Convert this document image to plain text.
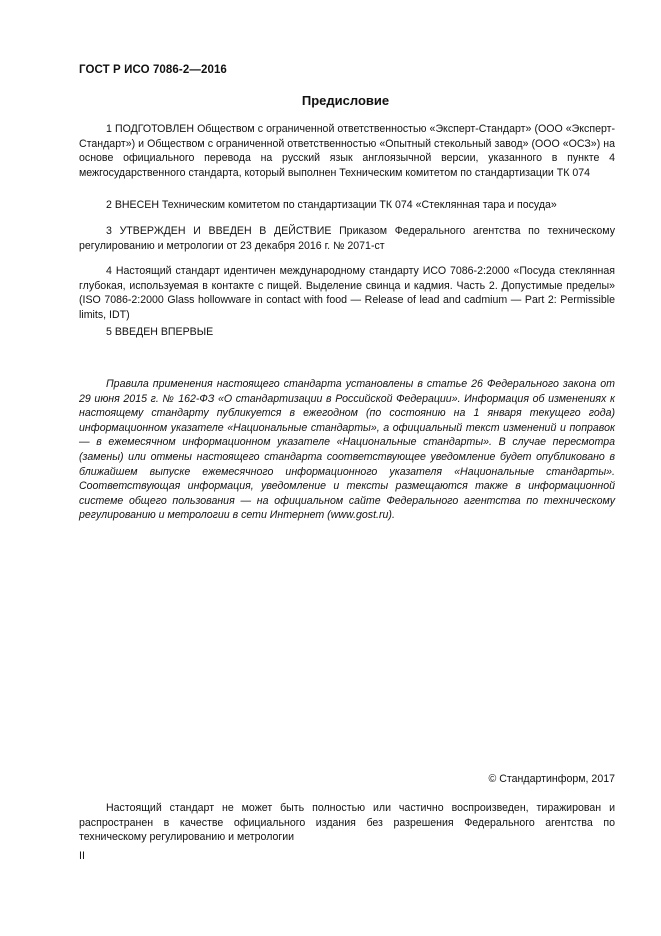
ГОСТ Р ИСО 7086-2—2016
Предисловие

1 ПОДГОТОВЛЕН Обществом с ограниченной ответственностью «Эксперт-Стандарт» (ООО «Эксперт-Стандарт») и Обществом с ограниченной ответственностью «Опытный стекольный завод» (ООО «ОСЗ») на основе официального перевода на русский язык англоязычной версии, указанного в пункте 4 межгосударственного стандарта, который выполнен Техническим комитетом по стандартизации ТК 074

2 ВНЕСЕН Техническим комитетом по стандартизации ТК 074 «Стеклянная тара и посуда»

3 УТВЕРЖДЕН И ВВЕДЕН В ДЕЙСТВИЕ Приказом Федерального агентства по техническому регулированию и метрологии от 23 декабря 2016 г. № 2071-ст

4 Настоящий стандарт идентичен международному стандарту ИСО 7086-2:2000 «Посуда стеклянная глубокая, используемая в контакте с пищей. Выделение свинца и кадмия. Часть 2. Допустимые пределы» (ISO 7086-2:2000 Glass hollowware in contact with food — Release of lead and cadmium — Part 2: Permissible limits, IDT)

5 ВВЕДЕН ВПЕРВЫЕ

Правила применения настоящего стандарта установлены в статье 26 Федерального закона от 29 июня 2015 г. № 162-ФЗ «О стандартизации в Российской Федерации». Информация об изменениях к настоящему стандарту публикуется в ежегодном (по состоянию на 1 января текущего года) информационном указателе «Национальные стандарты», а официальный текст изменений и поправок — в ежемесячном информационном указателе «Национальные стандарты». В случае пересмотра (замены) или отмены настоящего стандарта соответствующее уведомление будет опубликовано в ближайшем выпуске ежемесячного информационного указателя «Национальные стандарты». Соответствующая информация, уведомление и тексты размещаются также в информационной системе общего пользования — на официальном сайте Федерального агентства по техническому регулированию и метрологии в сети Интернет (www.gost.ru).

© Стандартинформ, 2017

Настоящий стандарт не может быть полностью или частично воспроизведен, тиражирован и распространен в качестве официального издания без разрешения Федерального агентства по техническому регулированию и метрологии

II
